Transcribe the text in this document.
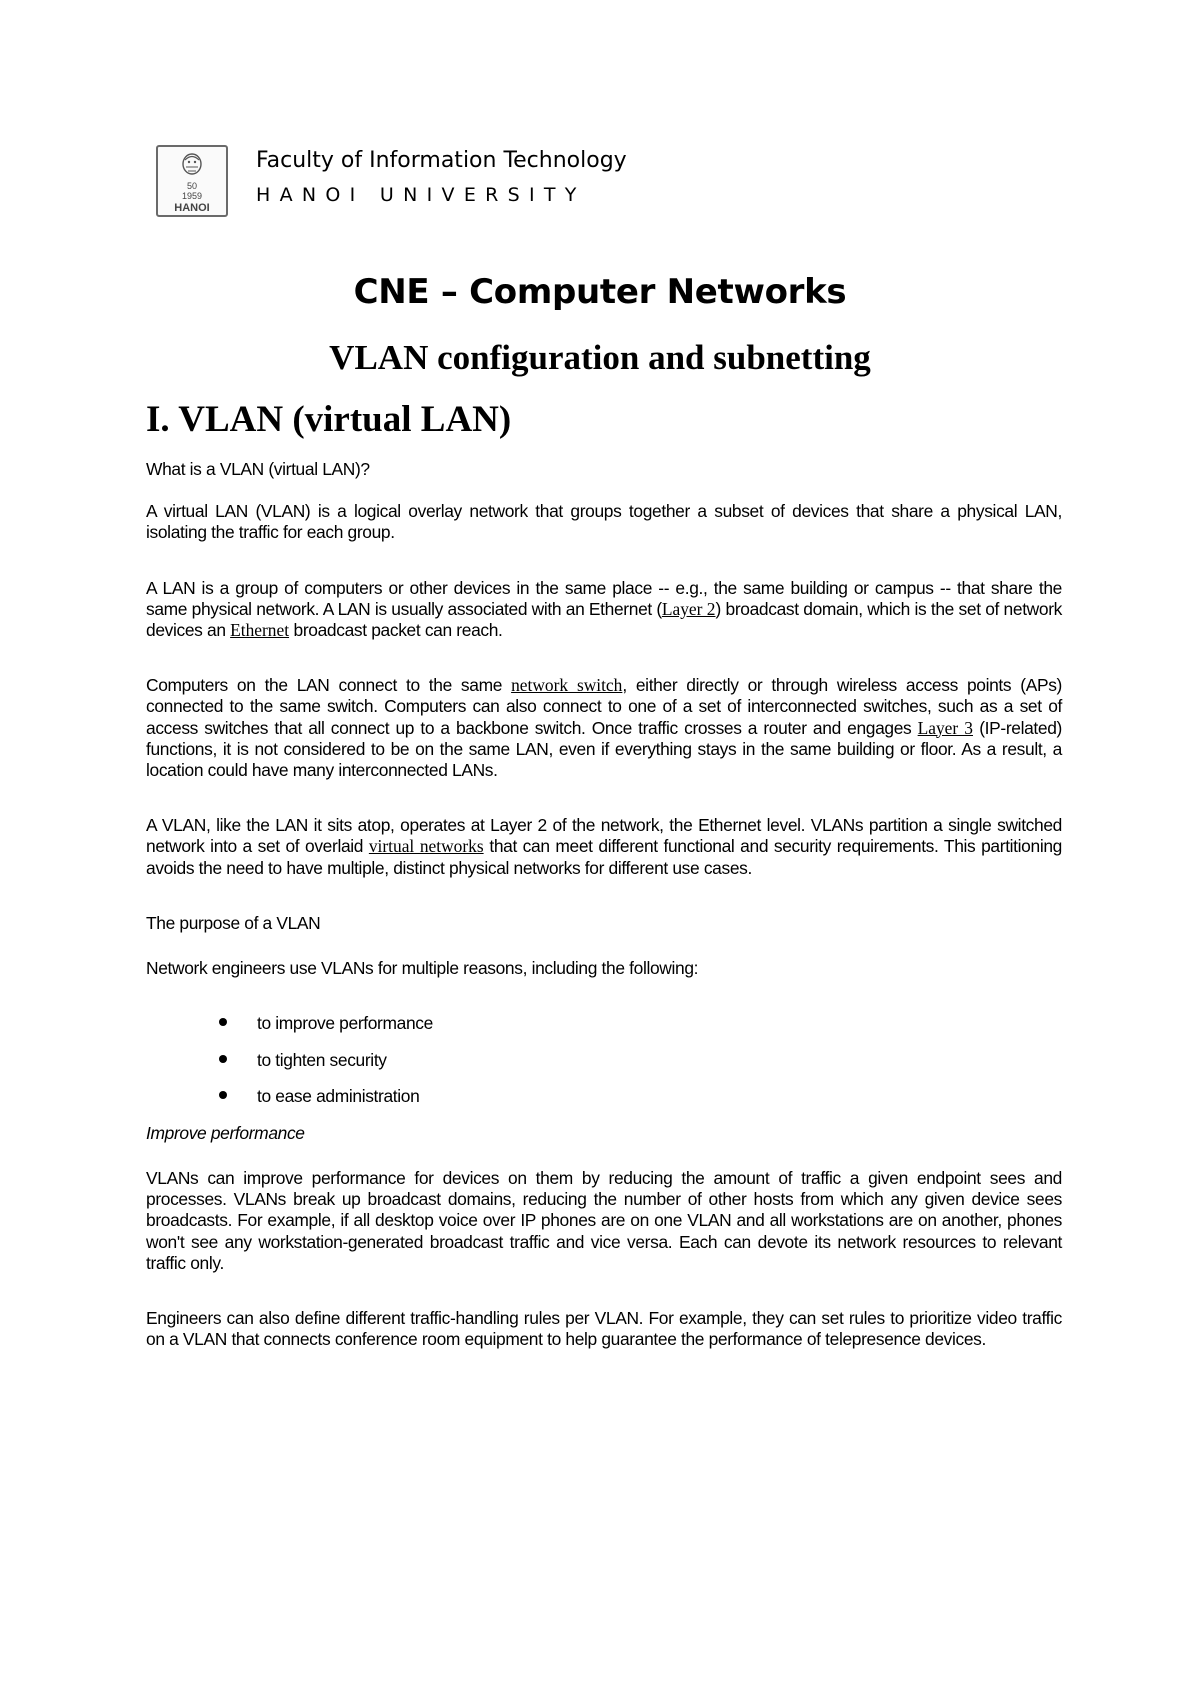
50
1959
HANOI
Faculty of Information Technology
HANOI UNIVERSITY
CNE – Computer Networks
VLAN configuration and subnetting
I. VLAN (virtual LAN)

What is a VLAN (virtual LAN)?

A virtual LAN (VLAN) is a logical overlay network that groups together a subset of devices that share a physical LAN, isolating the traffic for each group.

A LAN is a group of computers or other devices in the same place -- e.g., the same building or campus -- that share the same physical network. A LAN is usually associated with an Ethernet (Layer 2) broadcast domain, which is the set of network devices an Ethernet broadcast packet can reach.

Computers on the LAN connect to the same network switch, either directly or through wireless access points (APs) connected to the same switch. Computers can also connect to one of a set of interconnected switches, such as a set of access switches that all connect up to a backbone switch. Once traffic crosses a router and engages Layer 3 (IP-related) functions, it is not considered to be on the same LAN, even if everything stays in the same building or floor. As a result, a location could have many interconnected LANs.

A VLAN, like the LAN it sits atop, operates at Layer 2 of the network, the Ethernet level. VLANs partition a single switched network into a set of overlaid virtual networks that can meet different functional and security requirements. This partitioning avoids the need to have multiple, distinct physical networks for different use cases.

The purpose of a VLAN

Network engineers use VLANs for multiple reasons, including the following:

to improve performance
to tighten security
to ease administration

Improve performance

VLANs can improve performance for devices on them by reducing the amount of traffic a given endpoint sees and processes. VLANs break up broadcast domains, reducing the number of other hosts from which any given device sees broadcasts. For example, if all desktop voice over IP phones are on one VLAN and all workstations are on another, phones won't see any workstation-generated broadcast traffic and vice versa. Each can devote its network resources to relevant traffic only.

Engineers can also define different traffic-handling rules per VLAN. For example, they can set rules to prioritize video traffic on a VLAN that connects conference room equipment to help guarantee the performance of telepresence devices.
